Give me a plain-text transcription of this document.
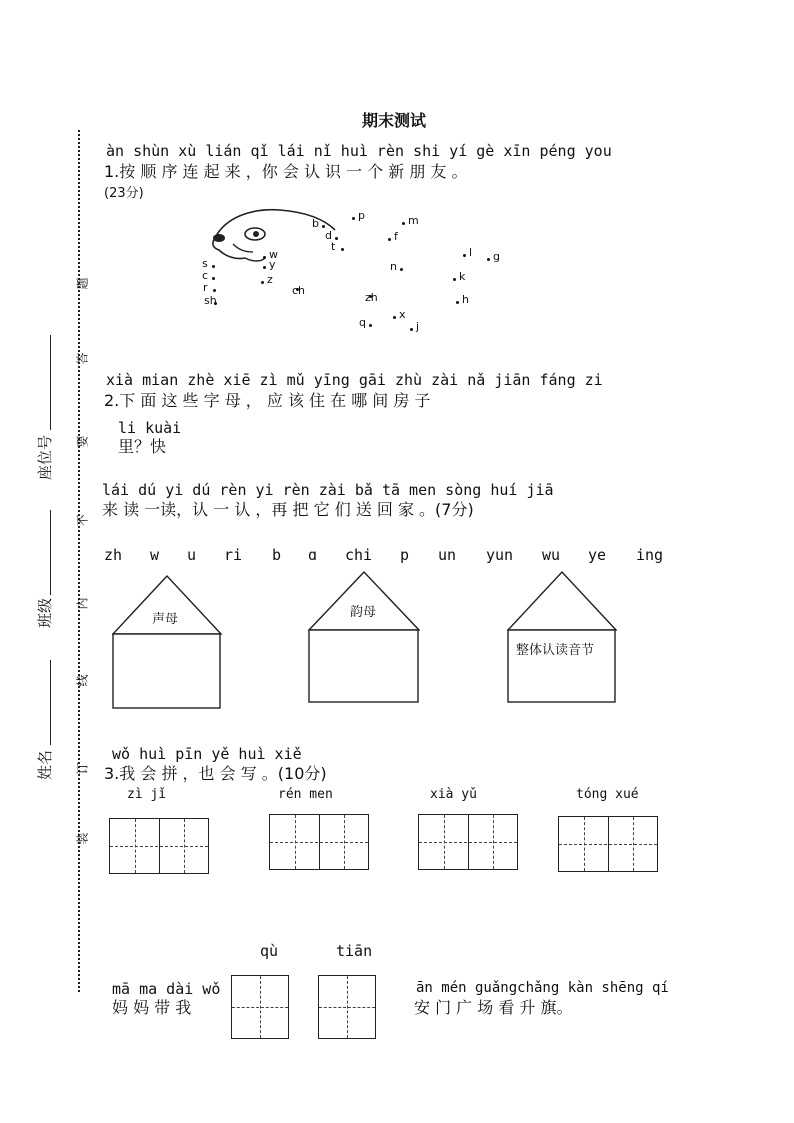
期末测试
座位号
班级
姓名
装
订
线
内
不
要
答
题
àn shùn xù lián qǐ lái nǐ huì rèn shi yí gè xīn péng you
1.按 顺 序 连 起 来 ，你 会 认 识 一 个 新 朋 友 。
(23分)
b
p	m
d	f
t
w
y
s
c	z
r	ch
sh
n
l g
k
zh	h
x
q	j
xià mian zhè xiē zì mǔ yīng gāi zhù zài nǎ jiān fáng zi
2.下 面 这 些 字 母 ， 应 该 住 在 哪 间 房 子
li kuài
里？快
lái dú yi dú rèn yi rèn zài bǎ tā men sòng huí jiā
来 读 一读，认 一 认 ，再 把 它 们 送 回 家 。(7分)
zh w u ri b ɑ chi p un yun wu ye ing
声母	韵母
整体认读音节
wǒ huì pīn yě huì xiě
3.我 会 拼 ，也 会 写 。(10分)
zì jǐ	rén men	xià yǔ	tóng xué
qù	tiān
mā ma dài wǒ
妈 妈 带 我
ān mén guǎngchǎng kàn shēng qí
安 门 广 场 看 升 旗。
